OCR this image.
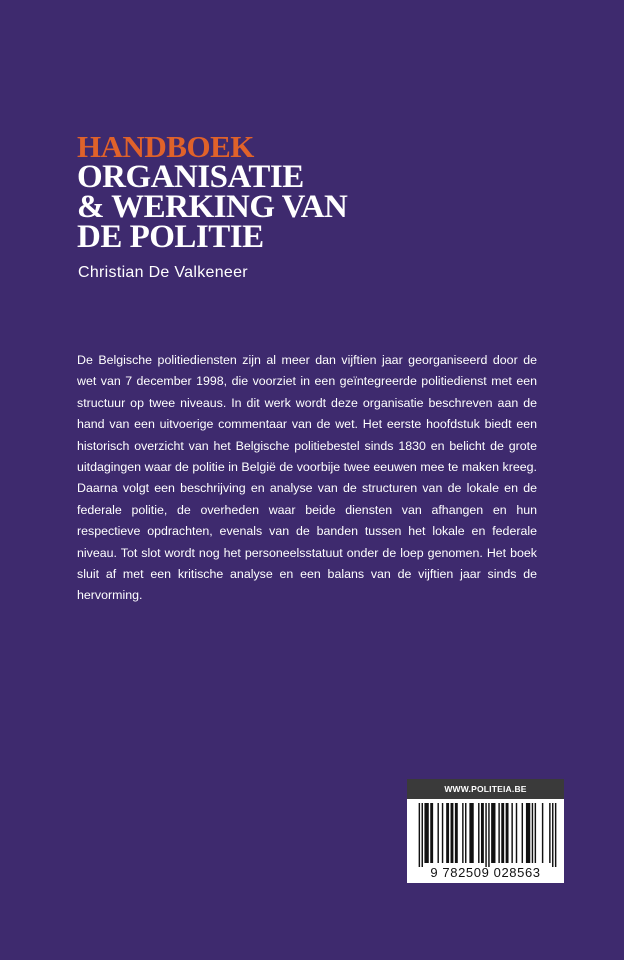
HANDBOEK

ORGANISATIE

& WERKING VAN

DE POLITIE

Christian De Valkeneer

De Belgische politiediensten zijn al meer dan vijftien jaar georganiseerd door de wet van 7 december 1998, die voorziet in een geïntegreerde politiedienst met een structuur op twee niveaus. In dit werk wordt deze organisatie beschreven aan de hand van een uitvoerige commentaar van de wet. Het eerste hoofdstuk biedt een historisch overzicht van het Belgische politiebestel sinds 1830 en belicht de grote uitdagingen waar de politie in België de voorbije twee eeuwen mee te maken kreeg. Daarna volgt een beschrijving en analyse van de structuren van de lokale en de federale politie, de overheden waar beide diensten van afhangen en hun respectieve opdrachten, evenals van de banden tussen het lokale en federale niveau. Tot slot wordt nog het personeelsstatuut onder de loep genomen. Het boek sluit af met een kritische analyse en een balans van de vijftien jaar sinds de hervorming.

WWW.POLITEIA.BE
9 782509 028563
